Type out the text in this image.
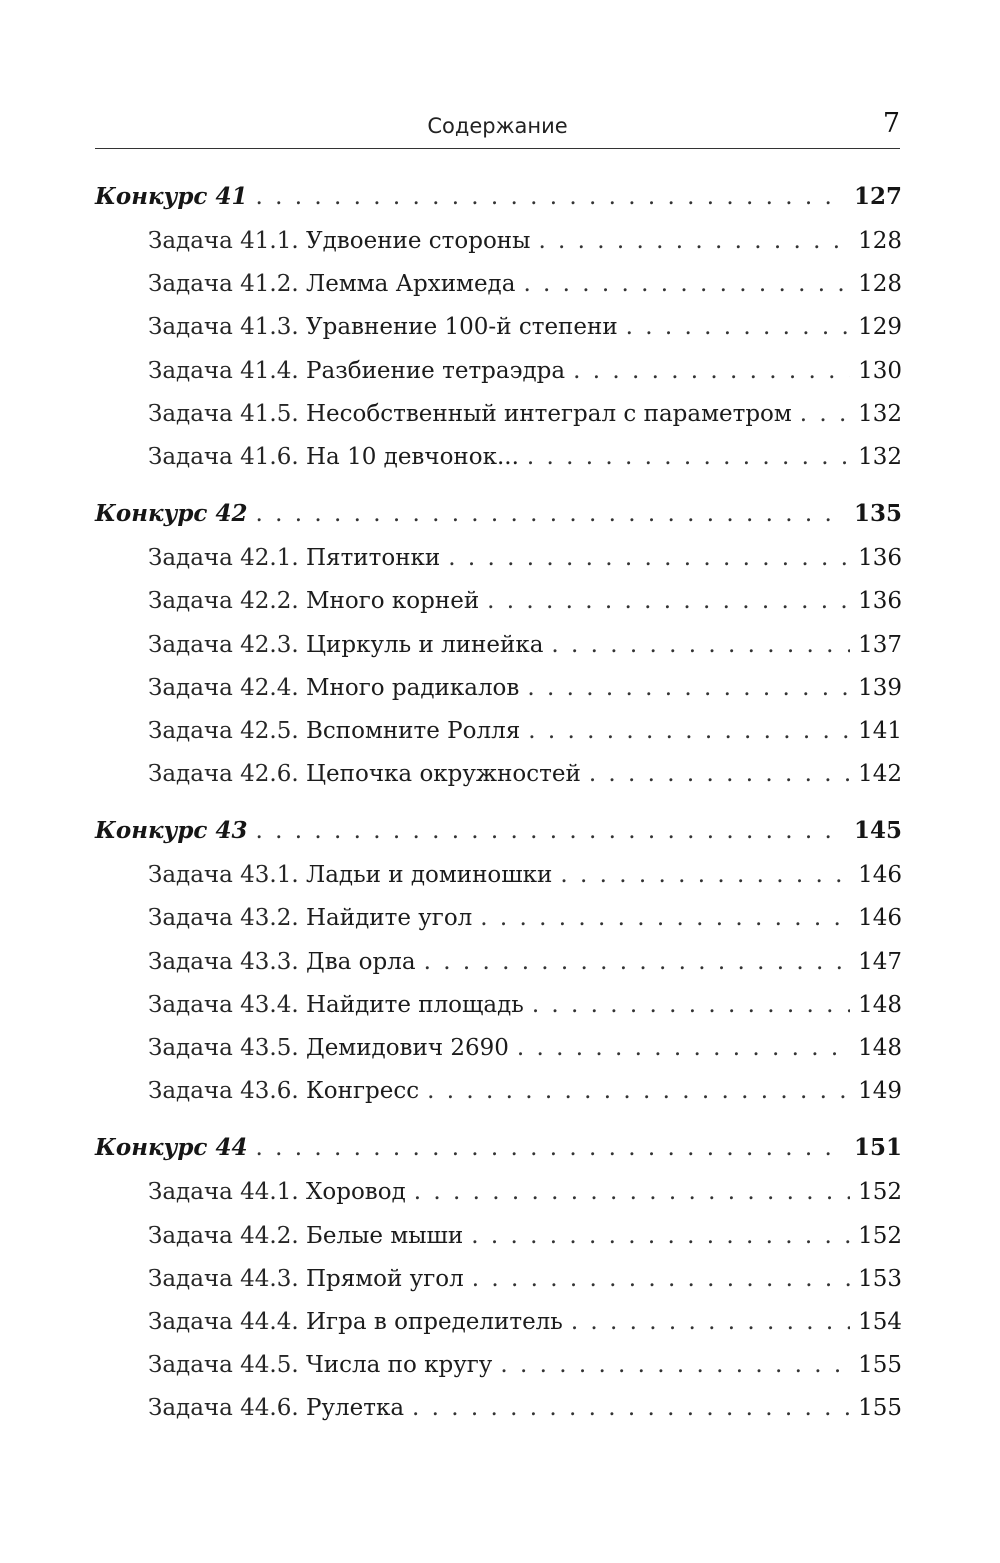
Содержание	7
Конкурс 41 . . .	127
Задача 41.1. Удвоение стороны . . .	128
Задача 41.2. Лемма Архимеда . . .	128
Задача 41.3. Уравнение 100-й степени . . .	129
Задача 41.4. Разбиение тетраэдра . . .	130
Задача 41.5. Несобственный интеграл с параметром . . .	132
Задача 41.6. На 10 девчонок... . . .	132
Конкурс 42 . . .	135
Задача 42.1. Пятитонки . . .	136
Задача 42.2. Много корней . . .	136
Задача 42.3. Циркуль и линейка . . .	137
Задача 42.4. Много радикалов . . .	139
Задача 42.5. Вспомните Ролля . . .	141
Задача 42.6. Цепочка окружностей . . .	142
Конкурс 43 . . .	145
Задача 43.1. Ладьи и доминошки . . .	146
Задача 43.2. Найдите угол . . .	146
Задача 43.3. Два орла . . .	147
Задача 43.4. Найдите площадь . . .	148
Задача 43.5. Демидович 2690 . . .	148
Задача 43.6. Конгресс . . .	149
Конкурс 44 . . .	151
Задача 44.1. Хоровод . . .	152
Задача 44.2. Белые мыши . . .	152
Задача 44.3. Прямой угол . . .	153
Задача 44.4. Игра в определитель . . .	154
Задача 44.5. Числа по кругу . . .	155
Задача 44.6. Рулетка . . .	155
